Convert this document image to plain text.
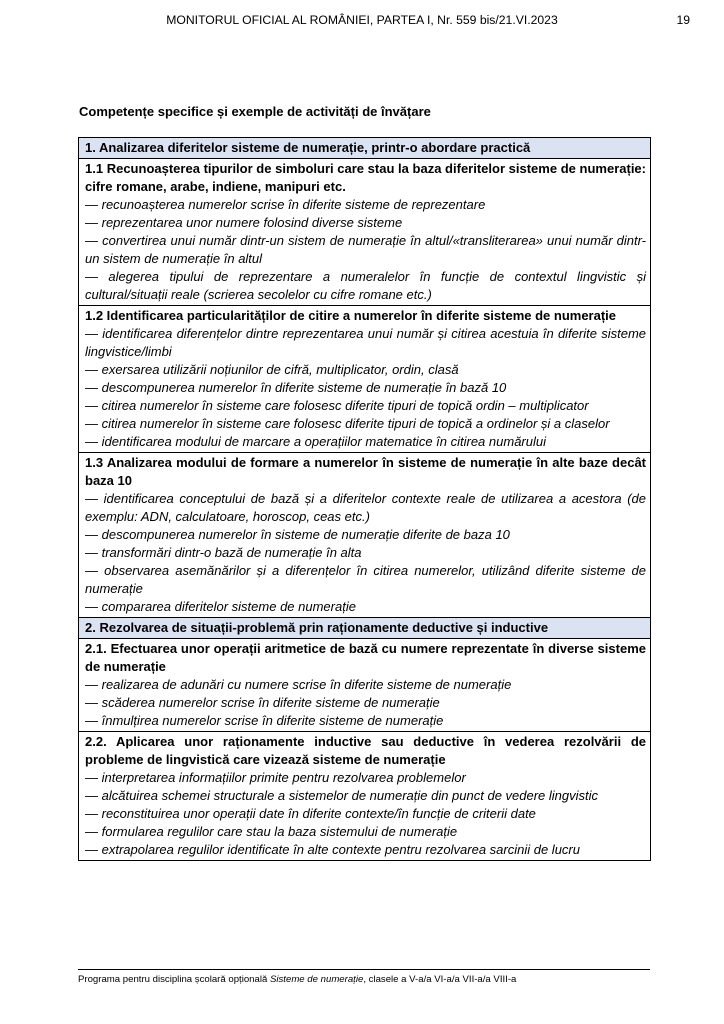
MONITORUL OFICIAL AL ROMÂNIEI, PARTEA I, Nr. 559 bis/21.VI.2023	19
Competențe specifice și exemple de activități de învățare
1. Analizarea diferitelor sisteme de numerație, printr-o abordare practică

1.1 Recunoașterea tipurilor de simboluri care stau la baza diferitelor sisteme de numerație: cifre romane, arabe, indiene, manipuri etc.
— recunoașterea numerelor scrise în diferite sisteme de reprezentare
— reprezentarea unor numere folosind diverse sisteme
— convertirea unui număr dintr-un sistem de numerație în altul/«transliterarea» unui număr dintr-un sistem de numerație în altul
— alegerea tipului de reprezentare a numeralelor în funcție de contextul lingvistic și cultural/situații reale (scrierea secolelor cu cifre romane etc.)

1.2 Identificarea particularităților de citire a numerelor în diferite sisteme de numerație
— identificarea diferențelor dintre reprezentarea unui număr și citirea acestuia în diferite sisteme lingvistice/limbi
— exersarea utilizării noțiunilor de cifră, multiplicator, ordin, clasă
— descompunerea numerelor în diferite sisteme de numerație în bază 10
— citirea numerelor în sisteme care folosesc diferite tipuri de topică ordin – multiplicator
— citirea numerelor în sisteme care folosesc diferite tipuri de topică a ordinelor și a claselor
— identificarea modului de marcare a operațiilor matematice în citirea numărului

1.3 Analizarea modului de formare a numerelor în sisteme de numerație în alte baze decât baza 10
— identificarea conceptului de bază și a diferitelor contexte reale de utilizarea a acestora (de exemplu: ADN, calculatoare, horoscop, ceas etc.)
— descompunerea numerelor în sisteme de numerație diferite de baza 10
— transformări dintr-o bază de numerație în alta
— observarea asemănărilor și a diferențelor în citirea numerelor, utilizând diferite sisteme de numerație
— compararea diferitelor sisteme de numerație

2. Rezolvarea de situații-problemă prin raționamente deductive și inductive

2.1. Efectuarea unor operații aritmetice de bază cu numere reprezentate în diverse sisteme de numerație
— realizarea de adunări cu numere scrise în diferite sisteme de numerație
— scăderea numerelor scrise în diferite sisteme de numerație
— înmulțirea numerelor scrise în diferite sisteme de numerație

2.2. Aplicarea unor raționamente inductive sau deductive în vederea rezolvării de probleme de lingvistică care vizează sisteme de numerație
— interpretarea informațiilor primite pentru rezolvarea problemelor
— alcătuirea schemei structurale a sistemelor de numerație din punct de vedere lingvistic
— reconstituirea unor operații date în diferite contexte/în funcție de criterii date
— formularea regulilor care stau la baza sistemului de numerație
— extrapolarea regulilor identificate în alte contexte pentru rezolvarea sarcinii de lucru
Programa pentru disciplina școlară opțională Sisteme de numerație, clasele a V-a/a VI-a/a VII-a/a VIII-a
